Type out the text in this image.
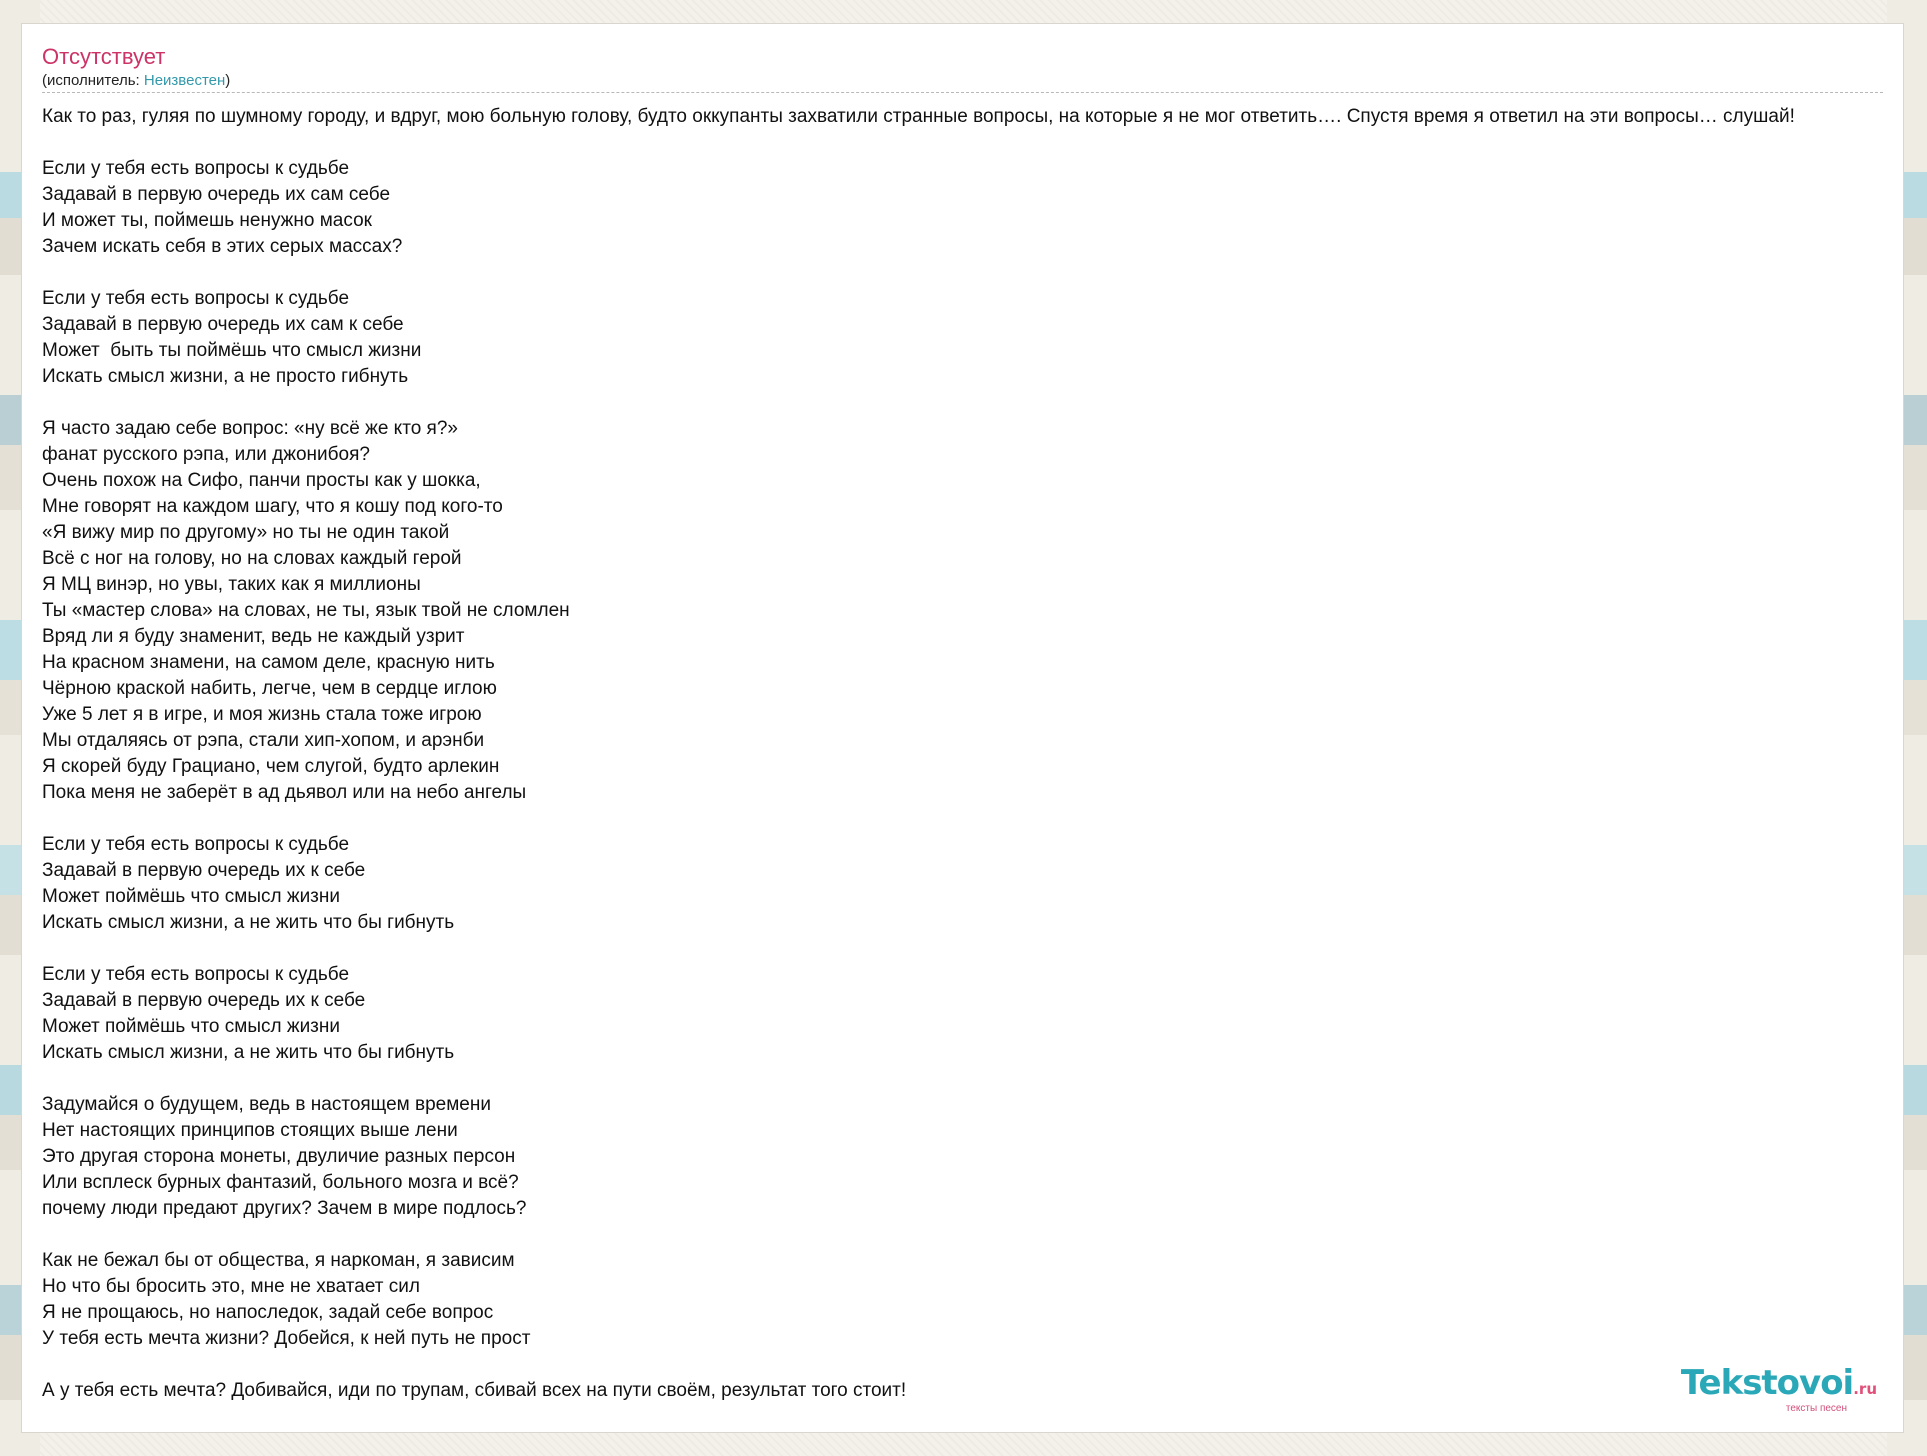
Отсутствует
(исполнитель: Неизвестен)
Как то раз, гуляя по шумному городу, и вдруг, мою больную голову, будто оккупанты захватили странные вопросы, на которые я не мог ответить…. Спустя время я ответил на эти вопросы… слушай!
Если у тебя есть вопросы к судьбе
Задавай в первую очередь их сам себе
И может ты, поймешь ненужно масок
Зачем искать себя в этих серых массах?
Если у тебя есть вопросы к судьбе
Задавай в первую очередь их сам к себе
Может  быть ты поймёшь что смысл жизни
Искать смысл жизни, а не просто гибнуть
Я часто задаю себе вопрос: «ну всё же кто я?»
фанат русского рэпа, или джонибоя?
Очень похож на Сифо, панчи просты как у шокка,
Мне говорят на каждом шагу, что я кошу под кого-то
«Я вижу мир по другому» но ты не один такой
Всё с ног на голову, но на словах каждый герой
Я МЦ винэр, но увы, таких как я миллионы
Ты «мастер слова» на словах, не ты, язык твой не сломлен
Вряд ли я буду знаменит, ведь не каждый узрит
На красном знамени, на самом деле, красную нить
Чёрною краской набить, легче, чем в сердце иглою
Уже 5 лет я в игре, и моя жизнь стала тоже игрою
Мы отдаляясь от рэпа, стали хип-хопом, и арэнби
Я скорей буду Грациано, чем слугой, будто арлекин
Пока меня не заберёт в ад дьявол или на небо ангелы
Если у тебя есть вопросы к судьбе
Задавай в первую очередь их к себе
Может поймёшь что смысл жизни
Искать смысл жизни, а не жить что бы гибнуть
Если у тебя есть вопросы к судьбе
Задавай в первую очередь их к себе
Может поймёшь что смысл жизни
Искать смысл жизни, а не жить что бы гибнуть
Задумайся о будущем, ведь в настоящем времени
Нет настоящих принципов стоящих выше лени
Это другая сторона монеты, двуличие разных персон
Или всплеск бурных фантазий, больного мозга и всё?
почему люди предают других? Зачем в мире подлось?
Как не бежал бы от общества, я наркоман, я зависим
Но что бы бросить это, мне не хватает сил
Я не прощаюсь, но напоследок, задай себе вопрос
У тебя есть мечта жизни? Добейся, к ней путь не прост
А у тебя есть мечта? Добивайся, иди по трупам, сбивай всех на пути своём, результат того стоит!	Tekstovoi.ru
тексты песен
